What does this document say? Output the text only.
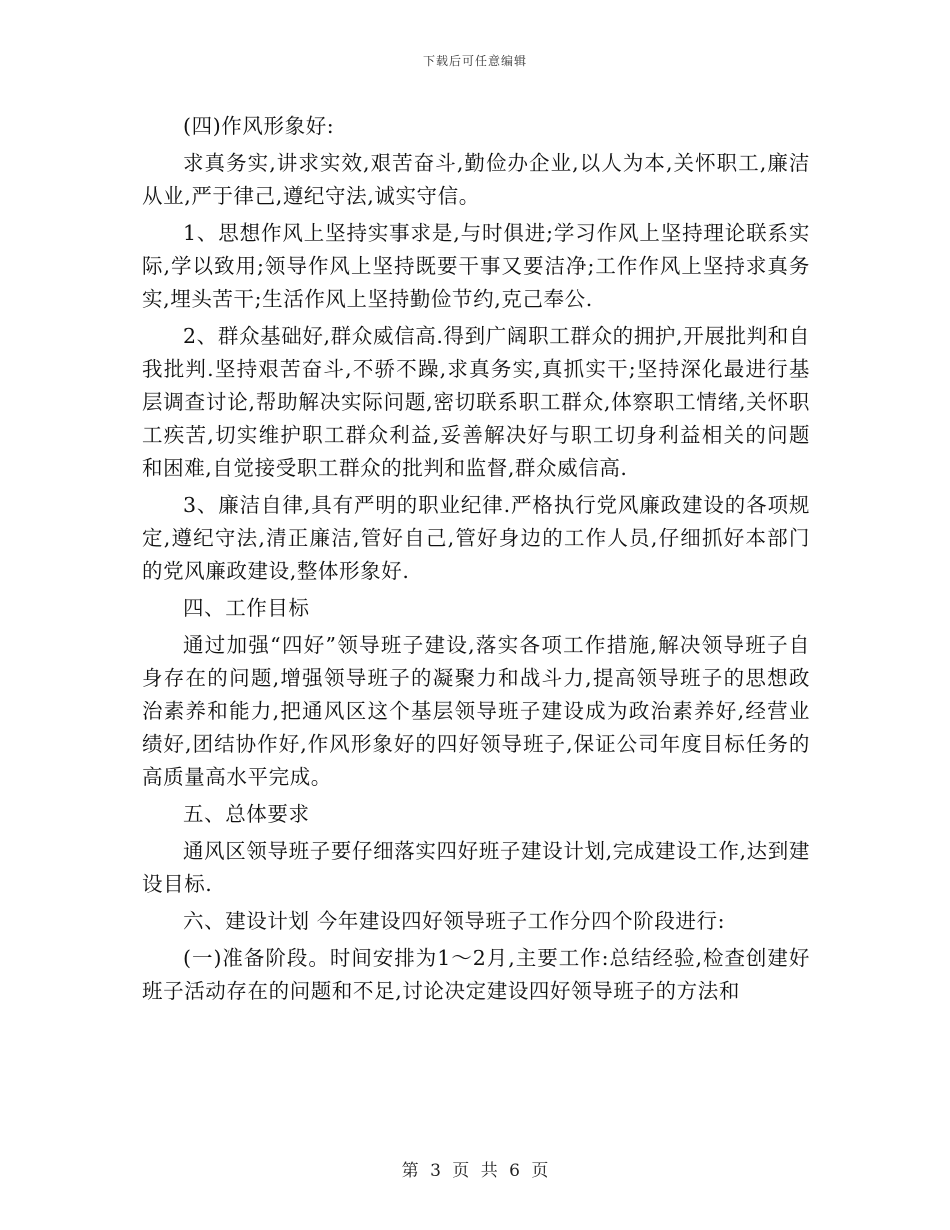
下载后可任意编辑

(四)作风形象好:

求真务实,讲求实效,艰苦奋斗,勤俭办企业,以人为本,关怀职工,廉洁从业,严于律己,遵纪守法,诚实守信。

1、思想作风上坚持实事求是,与时俱进;学习作风上坚持理论联系实际,学以致用;领导作风上坚持既要干事又要洁净;工作作风上坚持求真务实,埋头苦干;生活作风上坚持勤俭节约,克己奉公.

2、群众基础好,群众威信高.得到广阔职工群众的拥护,开展批判和自我批判.坚持艰苦奋斗,不骄不躁,求真务实,真抓实干;坚持深化最进行基层调查讨论,帮助解决实际问题,密切联系职工群众,体察职工情绪,关怀职工疾苦,切实维护职工群众利益,妥善解决好与职工切身利益相关的问题和困难,自觉接受职工群众的批判和监督,群众威信高.

3、廉洁自律,具有严明的职业纪律.严格执行党风廉政建设的各项规定,遵纪守法,清正廉洁,管好自己,管好身边的工作人员,仔细抓好本部门的党风廉政建设,整体形象好.

四、工作目标

通过加强“四好”领导班子建设,落实各项工作措施,解决领导班子自身存在的问题,增强领导班子的凝聚力和战斗力,提高领导班子的思想政治素养和能力,把通风区这个基层领导班子建设成为政治素养好,经营业绩好,团结协作好,作风形象好的四好领导班子,保证公司年度目标任务的高质量高水平完成。

五、总体要求

通风区领导班子要仔细落实四好班子建设计划,完成建设工作,达到建设目标.

六、建设计划 今年建设四好领导班子工作分四个阶段进行:

(一)准备阶段。时间安排为1～2月,主要工作:总结经验,检查创建好班子活动存在的问题和不足,讨论决定建设四好领导班子的方法和

第 3 页 共 6 页
